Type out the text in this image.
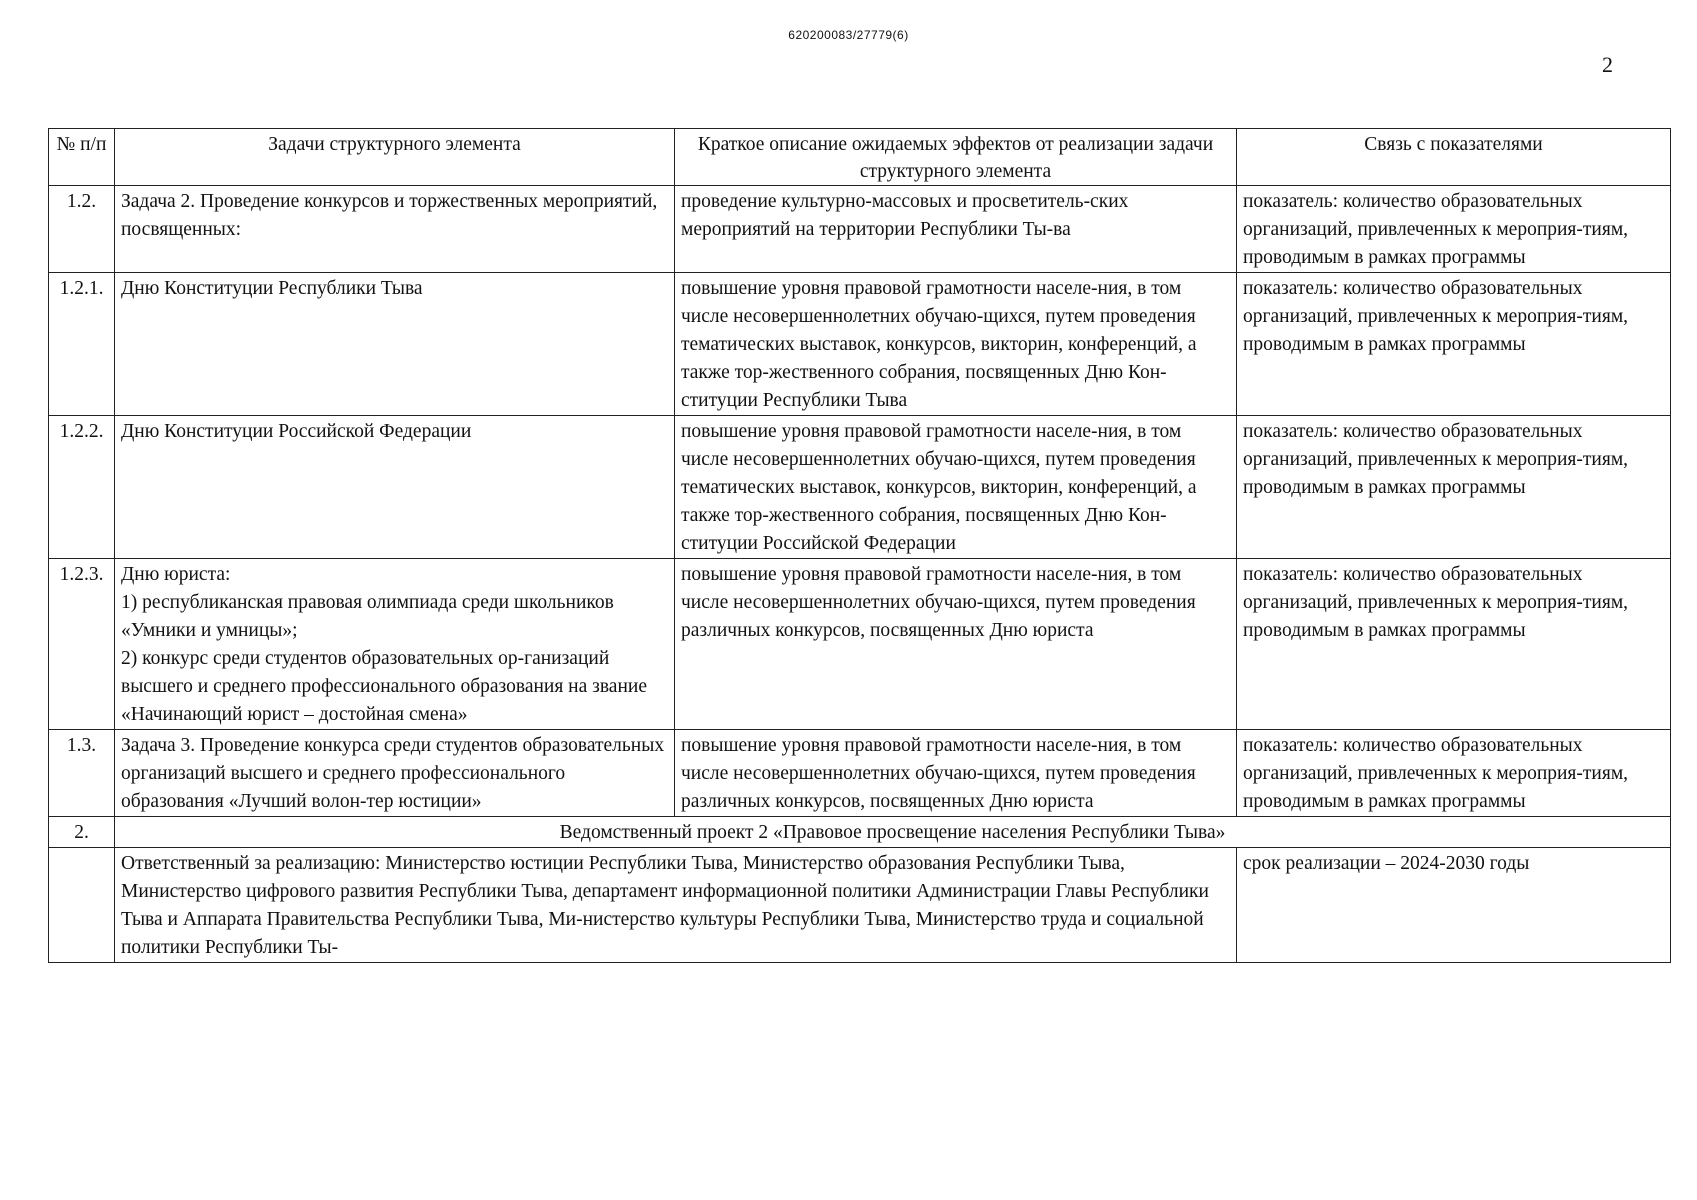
620200083/27779(6)
2
№ п/п	Задачи структурного элемента	Краткое описание ожидаемых эффектов от реализации задачи структурного элемента	Связь с показателями
1.2.	Задача 2. Проведение конкурсов и торжественных мероприятий, посвященных:	проведение культурно-массовых и просветитель-ских мероприятий на территории Республики Ты-ва	показатель: количество образовательных организаций, привлеченных к мероприя-тиям, проводимым в рамках программы
1.2.1.	Дню Конституции Республики Тыва	повышение уровня правовой грамотности населе-ния, в том числе несовершеннолетних обучаю-щихся, путем проведения тематических выставок, конкурсов, викторин, конференций, а также тор-жественного собрания, посвященных Дню Кон-ституции Республики Тыва	показатель: количество образовательных организаций, привлеченных к мероприя-тиям, проводимым в рамках программы
1.2.2.	Дню Конституции Российской Федерации	повышение уровня правовой грамотности населе-ния, в том числе несовершеннолетних обучаю-щихся, путем проведения тематических выставок, конкурсов, викторин, конференций, а также тор-жественного собрания, посвященных Дню Кон-ституции Российской Федерации	показатель: количество образовательных организаций, привлеченных к мероприя-тиям, проводимым в рамках программы
1.2.3.	Дню юриста:
1) республиканская правовая олимпиада среди школьников «Умники и умницы»;
2) конкурс среди студентов образовательных ор-ганизаций высшего и среднего профессионального образования на звание «Начинающий юрист – достойная смена»	повышение уровня правовой грамотности населе-ния, в том числе несовершеннолетних обучаю-щихся, путем проведения различных конкурсов, посвященных Дню юриста	показатель: количество образовательных организаций, привлеченных к мероприя-тиям, проводимым в рамках программы
1.3.	Задача 3. Проведение конкурса среди студентов образовательных организаций высшего и среднего профессионального образования «Лучший волон-тер юстиции»	повышение уровня правовой грамотности населе-ния, в том числе несовершеннолетних обучаю-щихся, путем проведения различных конкурсов, посвященных Дню юриста	показатель: количество образовательных организаций, привлеченных к мероприя-тиям, проводимым в рамках программы
2.	Ведомственный проект 2 «Правовое просвещение населения Республики Тыва»		
	Ответственный за реализацию: Министерство юстиции Республики Тыва, Министерство образования Республики Тыва, Министерство цифрового развития Республики Тыва, департамент информационной политики Администрации Главы Республики Тыва и Аппарата Правительства Республики Тыва, Ми-нистерство культуры Республики Тыва, Министерство труда и социальной политики Республики Ты-		срок реализации – 2024-2030 годы
